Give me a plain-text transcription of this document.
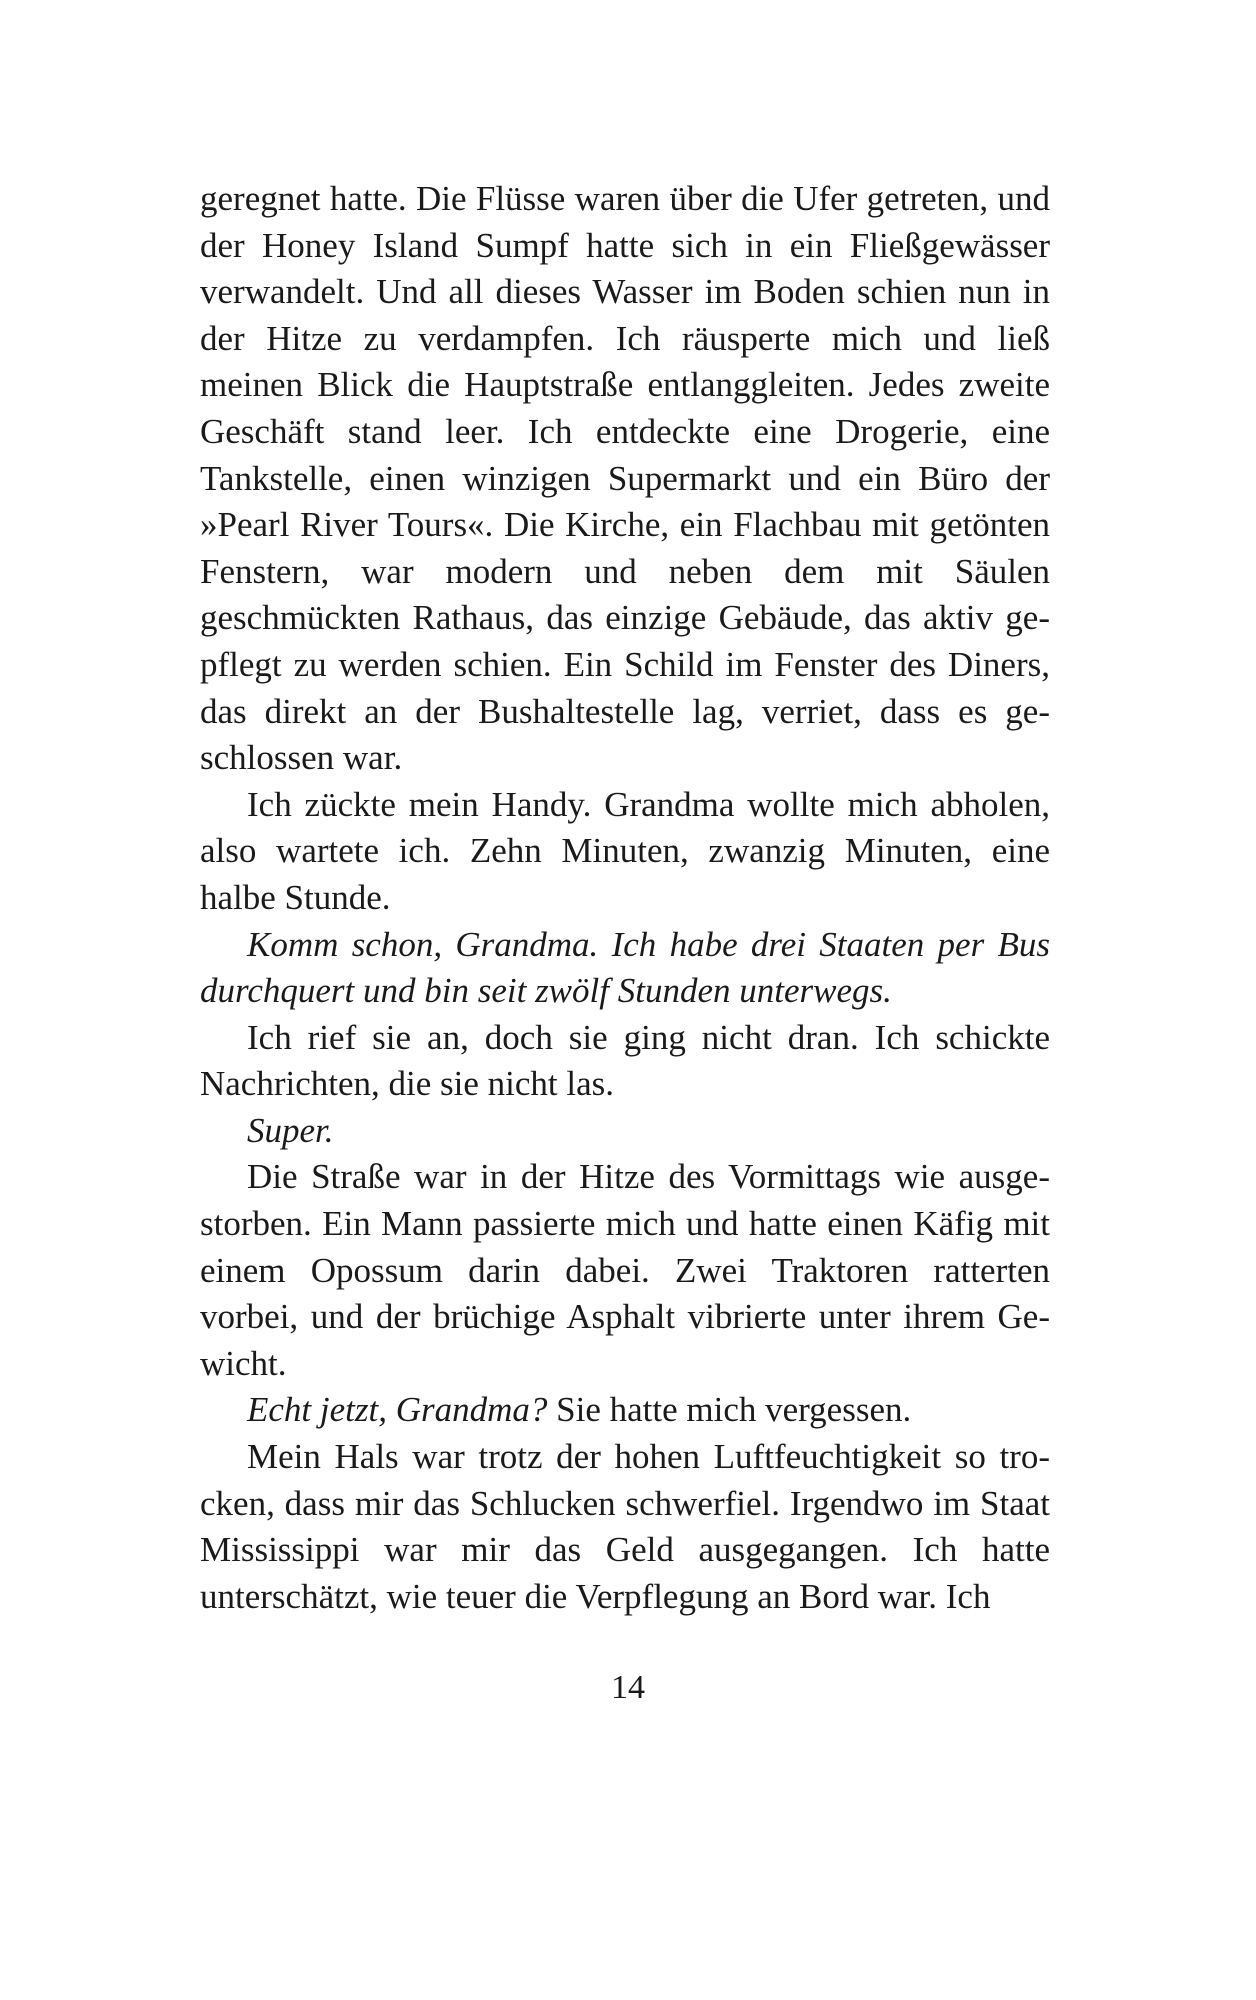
geregnet hatte. Die Flüsse waren über die Ufer getreten, und der Honey Island Sumpf hatte sich in ein Fließgewässer verwandelt. Und all dieses Wasser im Boden schien nun in der Hitze zu verdampfen. Ich räusperte mich und ließ meinen Blick die Hauptstraße entlanggleiten. Jedes zweite Geschäft stand leer. Ich entdeckte eine Drogerie, eine Tankstelle, einen winzigen Supermarkt und ein Büro der »Pearl River Tours«. Die Kirche, ein Flachbau mit getönten Fenstern, war modern und neben dem mit Säulen geschmückten Rathaus, das einzige Gebäude, das aktiv gepflegt zu werden schien. Ein Schild im Fenster des Diners, das direkt an der Bushaltestelle lag, verriet, dass es geschlossen war.

Ich zückte mein Handy. Grandma wollte mich abholen, also wartete ich. Zehn Minuten, zwanzig Minuten, eine halbe Stunde.

Komm schon, Grandma. Ich habe drei Staaten per Bus durchquert und bin seit zwölf Stunden unterwegs.

Ich rief sie an, doch sie ging nicht dran. Ich schickte Nachrichten, die sie nicht las.

Super.

Die Straße war in der Hitze des Vormittags wie ausgestorben. Ein Mann passierte mich und hatte einen Käfig mit einem Opossum darin dabei. Zwei Traktoren ratterten vorbei, und der brüchige Asphalt vibrierte unter ihrem Gewicht.

Echt jetzt, Grandma? Sie hatte mich vergessen.

Mein Hals war trotz der hohen Luftfeuchtigkeit so trocken, dass mir das Schlucken schwerfiel. Irgendwo im Staat Mississippi war mir das Geld ausgegangen. Ich hatte unterschätzt, wie teuer die Verpflegung an Bord war. Ich

14
